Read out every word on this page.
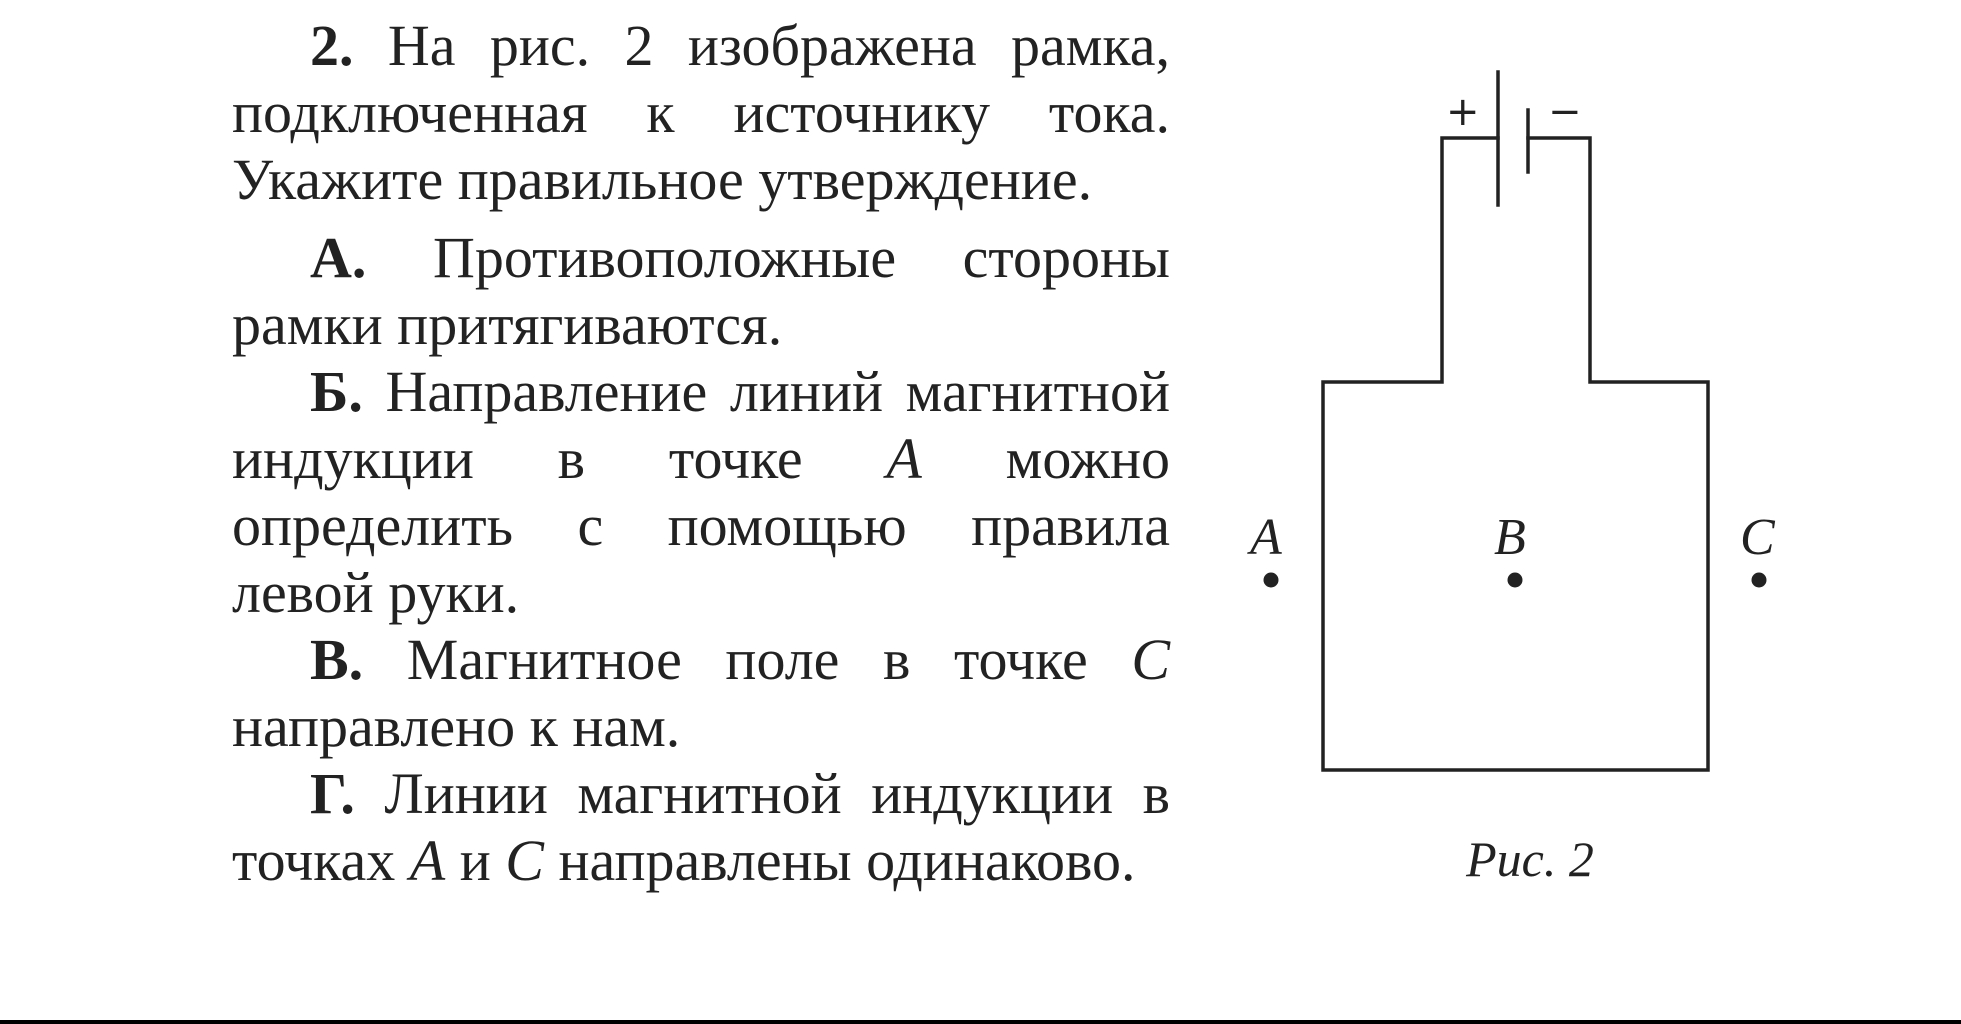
2. На рис. 2 изображена рамка, подключенная к источнику тока. Укажите правильное утверждение.

А. Противоположные стороны рамки притягиваются.

Б. Направление линий магнитной индукции в точке A можно определить с помощью правила левой руки.

В. Магнитное поле в точке C направлено к нам.

Г. Линии магнитной индукции в точках A и C направлены одинаково.

+ −
A	B	C
Рис. 2
